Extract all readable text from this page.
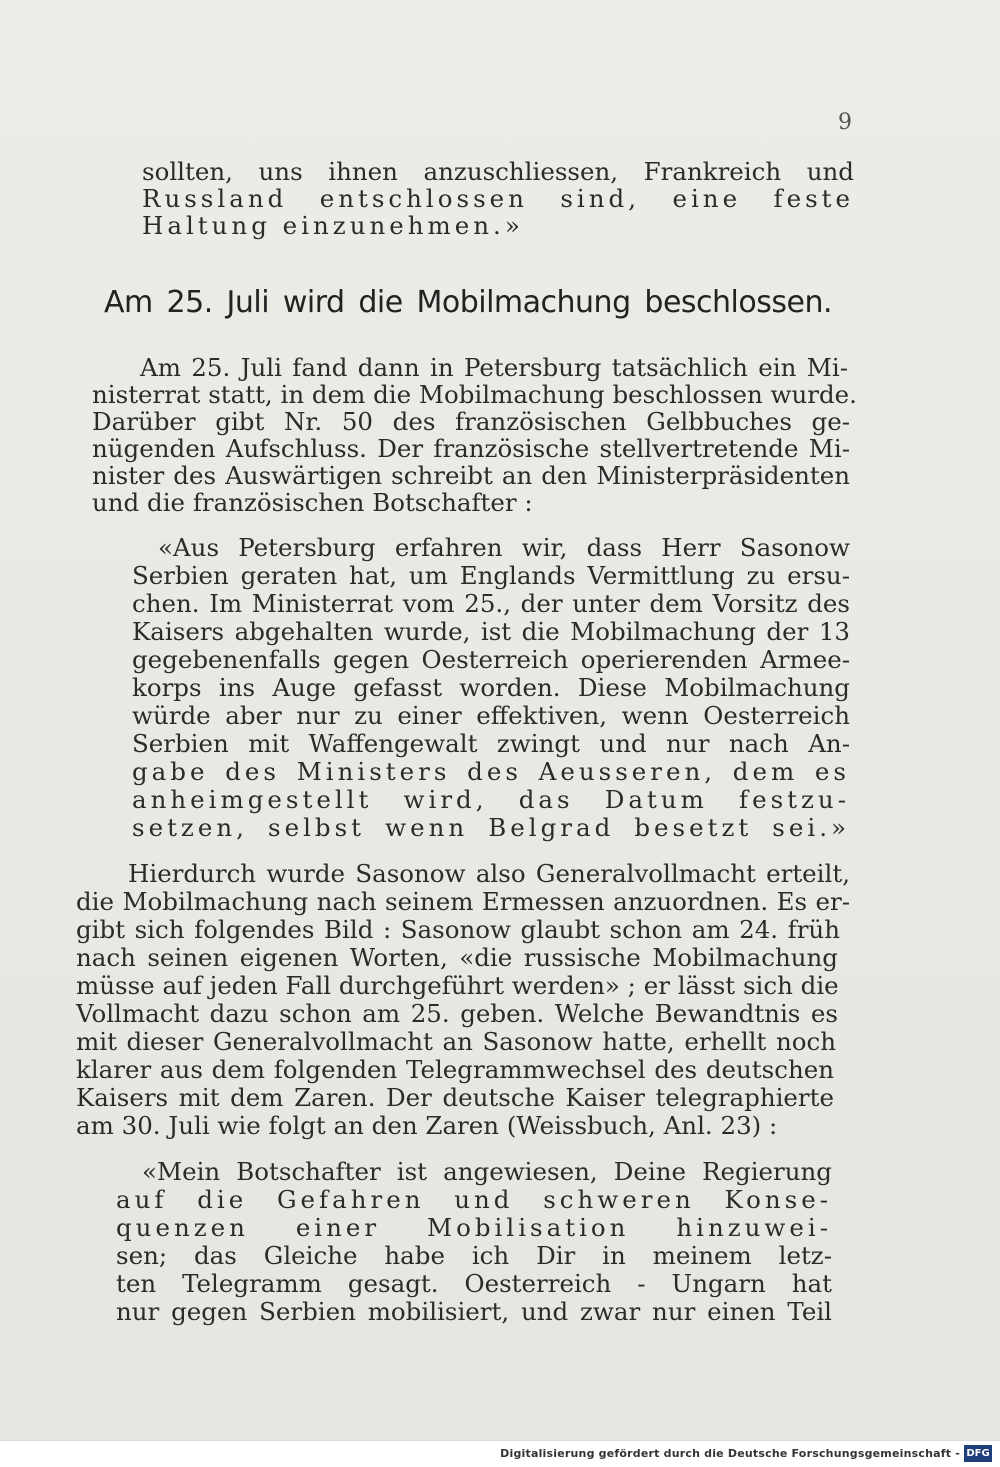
9
sollten, uns ihnen anzuschliessen, Frankreich und
Russland entschlossen sind, eine feste
Haltung einzunehmen.»
Am 25. Juli wird die Mobilmachung beschlossen.
Am 25. Juli fand dann in Petersburg tatsächlich ein Mi-
nisterrat statt, in dem die Mobilmachung beschlossen wurde.
Darüber gibt Nr. 50 des französischen Gelbbuches ge-
nügenden Aufschluss. Der französische stellvertretende Mi-
nister des Auswärtigen schreibt an den Ministerpräsidenten
und die französischen Botschafter :
«Aus Petersburg erfahren wir, dass Herr Sasonow
Serbien geraten hat, um Englands Vermittlung zu ersu-
chen. Im Ministerrat vom 25., der unter dem Vorsitz des
Kaisers abgehalten wurde, ist die Mobilmachung der 13
gegebenenfalls gegen Oesterreich operierenden Armee-
korps ins Auge gefasst worden. Diese Mobilmachung
würde aber nur zu einer effektiven, wenn Oesterreich
Serbien mit Waffengewalt zwingt und nur nach An-
gabe des Ministers des Aeusseren, dem es
anheimgestellt wird, das Datum festzu-
setzen, selbst wenn Belgrad besetzt sei.»
Hierdurch wurde Sasonow also Generalvollmacht erteilt,
die Mobilmachung nach seinem Ermessen anzuordnen. Es er-
gibt sich folgendes Bild : Sasonow glaubt schon am 24. früh
nach seinen eigenen Worten, «die russische Mobilmachung
müsse auf jeden Fall durchgeführt werden» ; er lässt sich die
Vollmacht dazu schon am 25. geben. Welche Bewandtnis es
mit dieser Generalvollmacht an Sasonow hatte, erhellt noch
klarer aus dem folgenden Telegrammwechsel des deutschen
Kaisers mit dem Zaren. Der deutsche Kaiser telegraphierte
am 30. Juli wie folgt an den Zaren (Weissbuch, Anl. 23) :
«Mein Botschafter ist angewiesen, Deine Regierung
auf die Gefahren und schweren Konse-
quenzen einer Mobilisation hinzuwei-
sen; das Gleiche habe ich Dir in meinem letz-
ten Telegramm gesagt. Oesterreich - Ungarn hat
nur gegen Serbien mobilisiert, und zwar nur einen Teil
Digitalisierung gefördert durch die Deutsche Forschungsgemeinschaft - DFG
